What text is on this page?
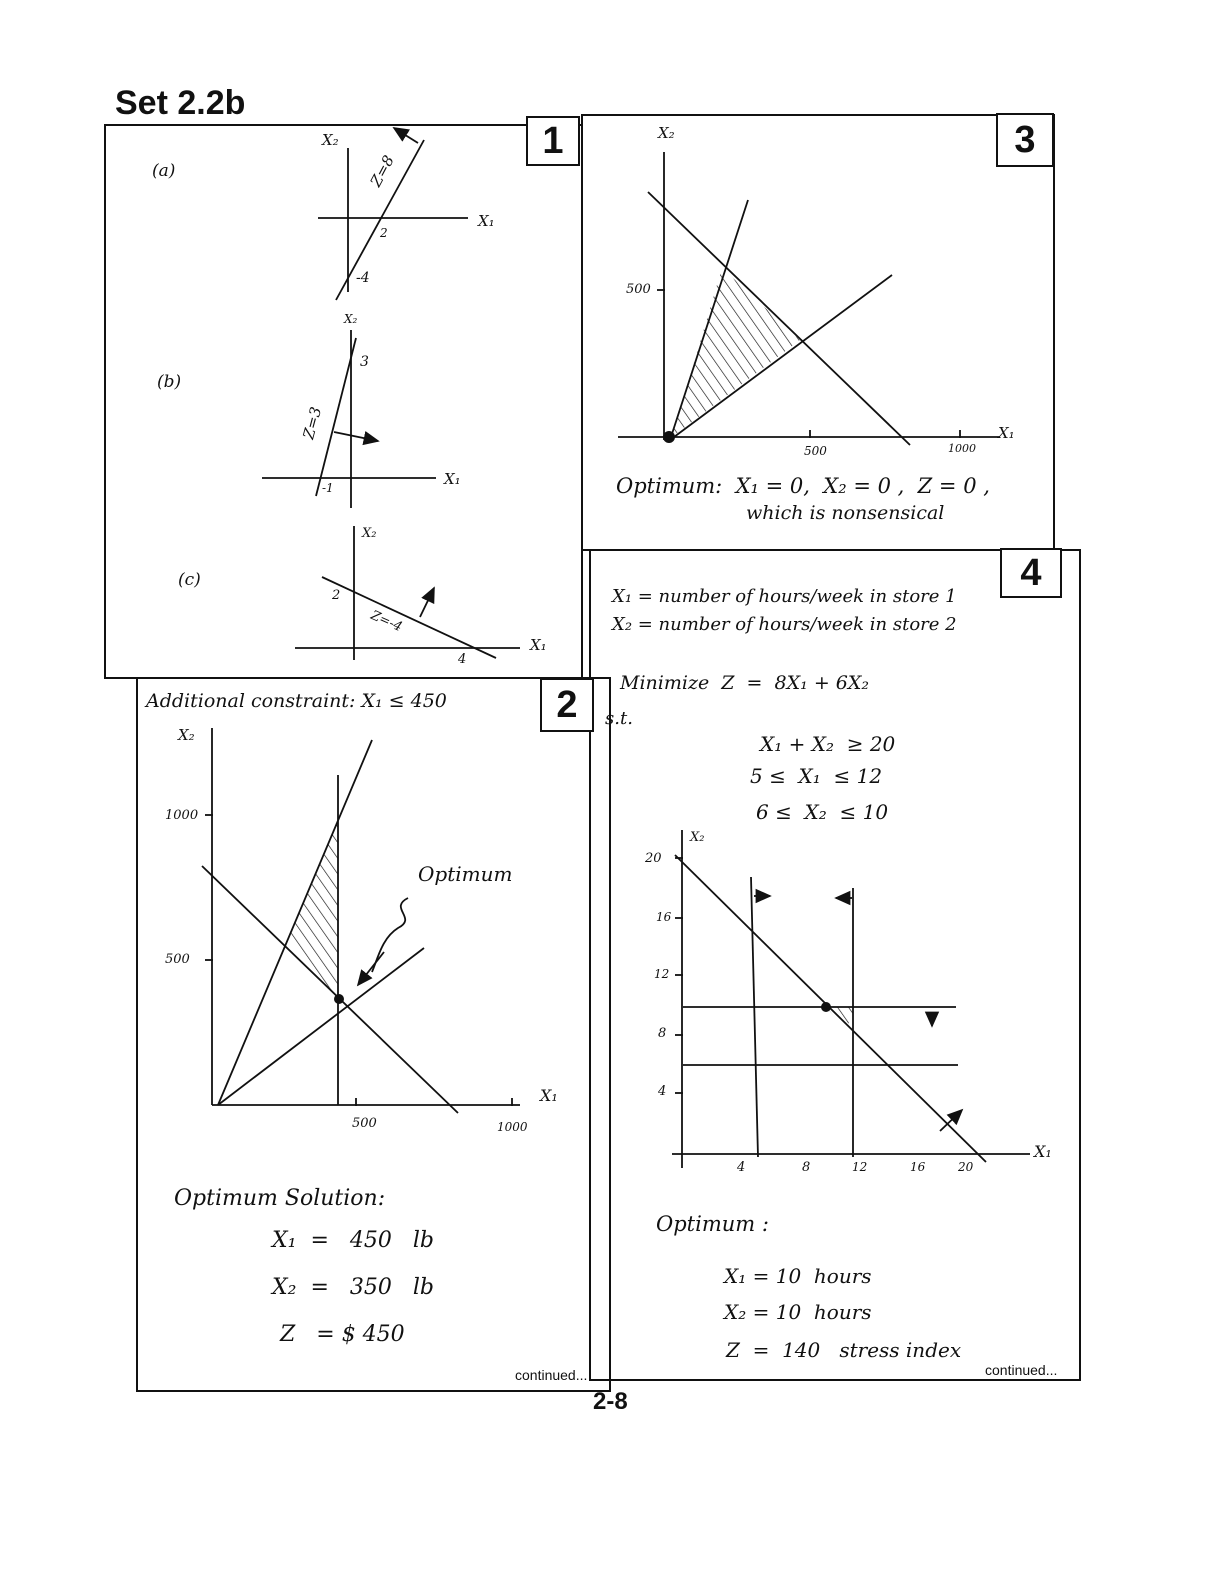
Set 2.2b
1
2
3
4
(a)
X₂
X₁
Z=8
2
-4
(b)
X₂
X₁
Z=3
3
-1
(c)
X₂
X₁
Z=-4
2
4
Additional constraint: X₁ ≤ 450
X₂
X₁
1000
500
500	1000
Optimum
Optimum Solution:
X₁  =   450   lb
X₂  =   350   lb
Z   = $ 450
continued...
X₂
X₁
500
500	1000
Optimum:  X₁ = 0,  X₂ = 0 ,  Z = 0 ,
which is nonsensical
X₁ = number of hours/week in store 1
X₂ = number of hours/week in store 2
Minimize  Z  =  8X₁ + 6X₂
s.t.
X₁ + X₂  ≥ 20
5 ≤  X₁  ≤ 12
6 ≤  X₂  ≤ 10
X₂
X₁
20
16
12
8
4
4	8	12	16	20
Optimum :
X₁ = 10  hours
X₂ = 10  hours
Z  =  140   stress index
continued...
2-8
